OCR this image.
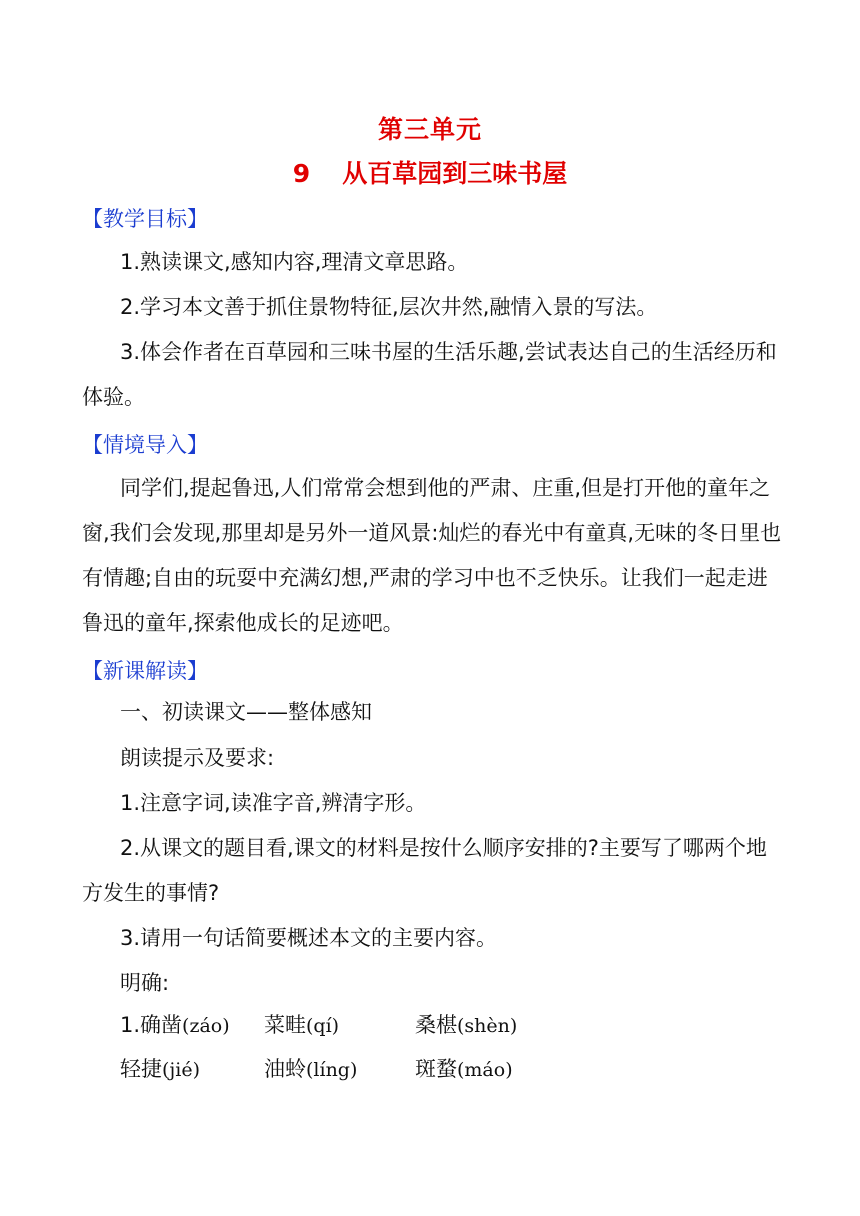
第三单元
9 从百草园到三味书屋
【教学目标】

1.熟读课文,感知内容,理清文章思路。

2.学习本文善于抓住景物特征,层次井然,融情入景的写法。

3.体会作者在百草园和三味书屋的生活乐趣,尝试表达自己的生活经历和体验。

【情境导入】

同学们,提起鲁迅,人们常常会想到他的严肃、庄重,但是打开他的童年之窗,我们会发现,那里却是另外一道风景:灿烂的春光中有童真,无味的冬日里也有情趣;自由的玩耍中充满幻想,严肃的学习中也不乏快乐。让我们一起走进鲁迅的童年,探索他成长的足迹吧。

【新课解读】
一、初读课文——整体感知
朗读提示及要求:
1.注意字词,读准字音,辨清字形。

2.从课文的题目看,课文的材料是按什么顺序安排的?主要写了哪两个地方发生的事情?

3.请用一句话简要概述本文的主要内容。
明确:
1.确凿(záo) 菜畦(qí)	桑椹(shèn)
轻捷(jié)	油蛉(líng)	斑蝥(máo)
